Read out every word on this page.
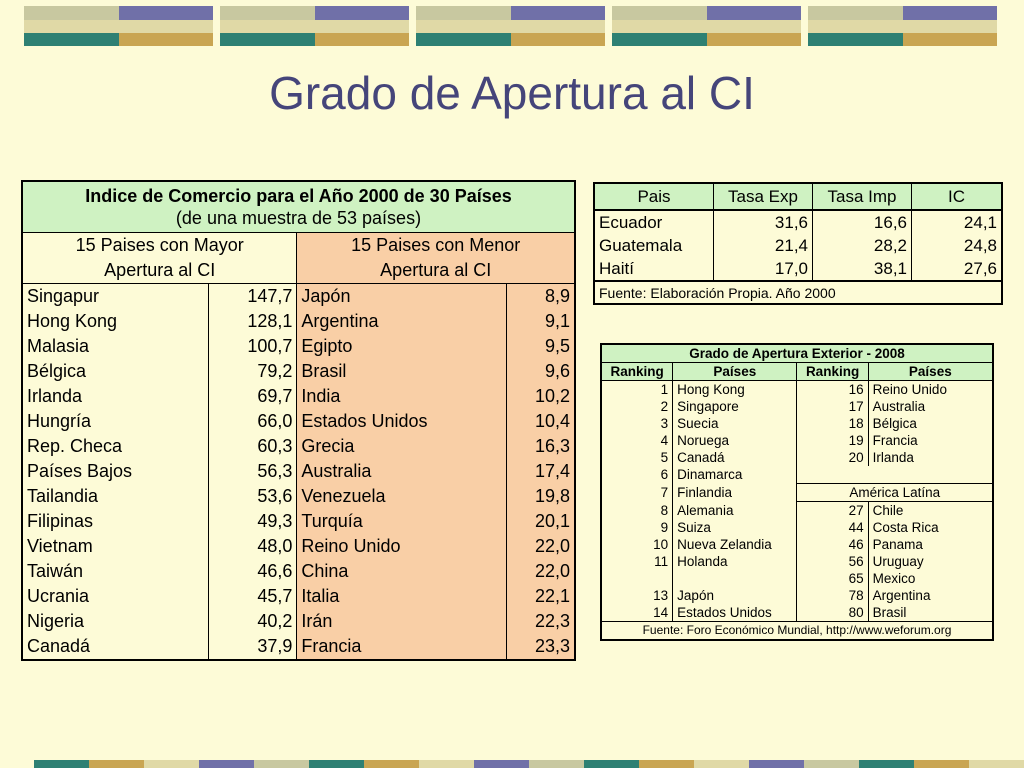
Grado de Apertura al CI
Indice de Comercio para el Año 2000 de 30 Países
(de una muestra de 53 países)			
15 Paises con Mayor
Apertura al CI		15 Paises con Menor
Apertura al CI	
Singapur	147,7	Japón	8,9
Hong Kong	128,1	Argentina	9,1
Malasia	100,7	Egipto	9,5
Bélgica	79,2	Brasil	9,6
Irlanda	69,7	India	10,2
Hungría	66,0	Estados Unidos	10,4
Rep. Checa	60,3	Grecia	16,3
Países Bajos	56,3	Australia	17,4
Tailandia	53,6	Venezuela	19,8
Filipinas	49,3	Turquía	20,1
Vietnam	48,0	Reino Unido	22,0
Taiwán	46,6	China	22,0
Ucrania	45,7	Italia	22,1
Nigeria	40,2	Irán	22,3
Canadá	37,9	Francia	23,3
Pais	Tasa Exp	Tasa Imp	IC
Ecuador	31,6	16,6	24,1
Guatemala	21,4	28,2	24,8
Haití	17,0	38,1	27,6
Fuente: Elaboración Propia. Año 2000			
Grado de Apertura Exterior - 2008			
Ranking	Países	Ranking	Países
1	Hong Kong	16	Reino Unido
2	Singapore	17	Australia
3	Suecia	18	Bélgica
4	Noruega	19	Francia
5	Canadá	20	Irlanda
6	Dinamarca		
7	Finlandia	América Latína	
8	Alemania	27	Chile
9	Suiza	44	Costa Rica
10	Nueva Zelandia	46	Panama
11	Holanda	56	Uruguay
		65	Mexico
13	Japón	78	Argentina
14	Estados Unidos	80	Brasil
Fuente: Foro Económico Mundial, http://www.weforum.org			
